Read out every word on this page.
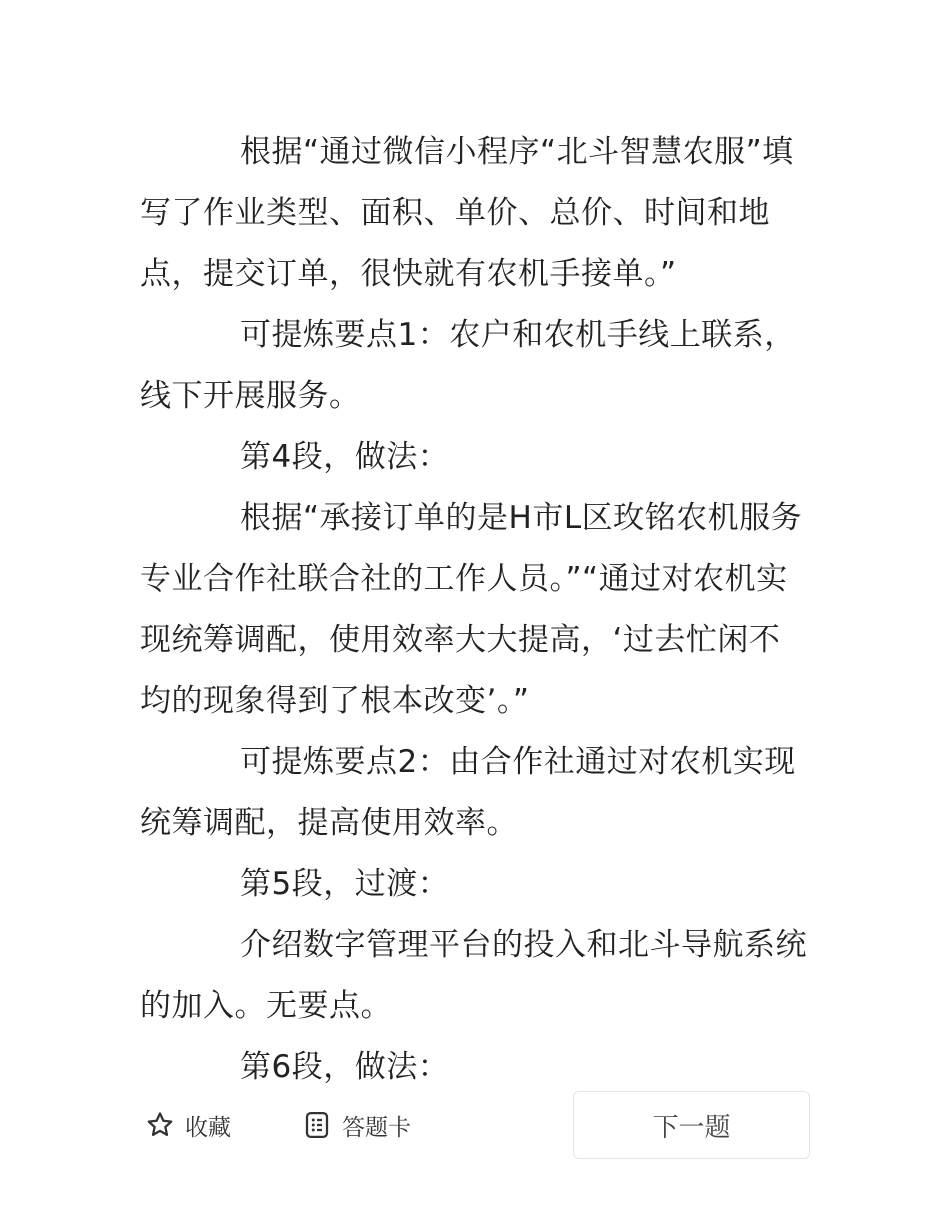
根据“通过微信小程序“北斗智慧农服”填写了作业类型、面积、单价、总价、时间和地点，提交订单，很快就有农机手接单。”

可提炼要点1：农户和农机手线上联系，线下开展服务。

第4段，做法：

根据“承接订单的是H市L区玫铭农机服务专业合作社联合社的工作人员。”“通过对农机实现统筹调配，使用效率大大提高，‘过去忙闲不均的现象得到了根本改变’。”

可提炼要点2：由合作社通过对农机实现统筹调配，提高使用效率。

第5段，过渡：

介绍数字管理平台的投入和北斗导航系统的加入。无要点。

第6段，做法：

收藏	答题卡	下一题
